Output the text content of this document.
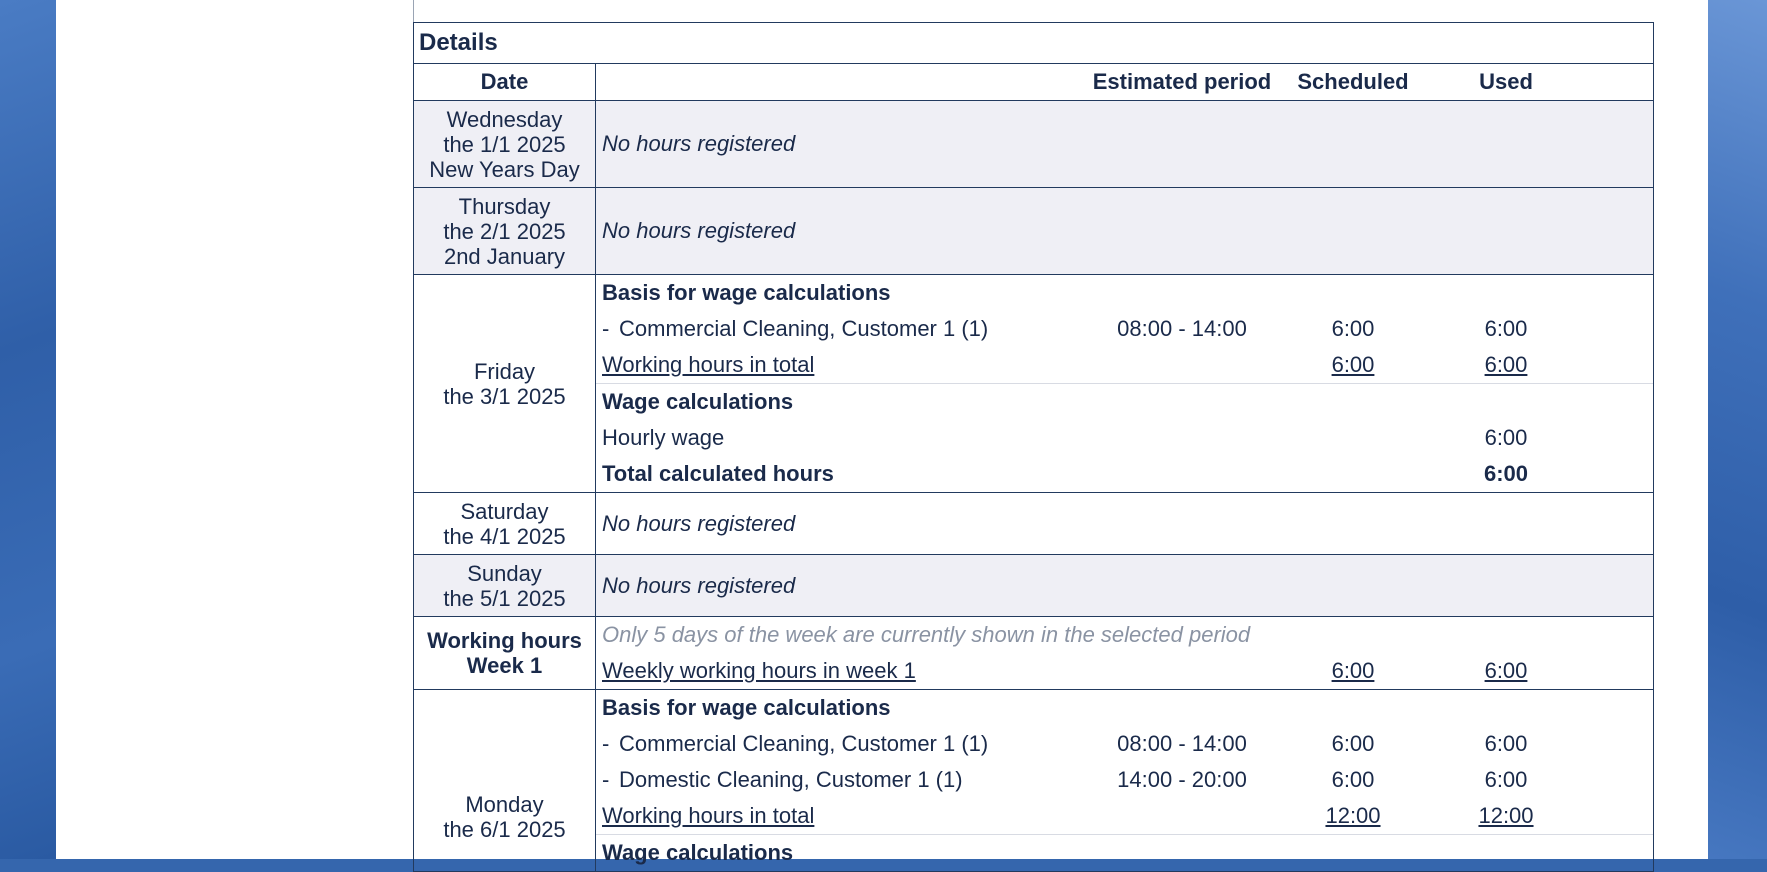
Details
Date	
		Estimated period	Scheduled	Used	

Wednesday
the 1/1 2025
New Years Day
	No hours registered

Thursday
the 2/1 2025
2nd January
	No hours registered

Friday
the 3/1 2025

Basis for wage calculations				
- Commercial Cleaning, Customer 1 (1)	08:00 - 14:00	6:00	6:00	
Working hours in total		6:00	6:00	
Wage calculations				
Hourly wage			6:00	
Total calculated hours			6:00	

Saturday
the 4/1 2025
	No hours registered

Sunday
the 5/1 2025
	No hours registered

Working hours
Week 1

Only 5 days of the week are currently shown in the selected period
Weekly working hours in week 1		6:00	6:00	

Monday
the 6/1 2025

Basis for wage calculations				
- Commercial Cleaning, Customer 1 (1)	08:00 - 14:00	6:00	6:00	
- Domestic Cleaning, Customer 1 (1)	14:00 - 20:00	6:00	6:00	
Working hours in total		12:00	12:00	
Wage calculations				
